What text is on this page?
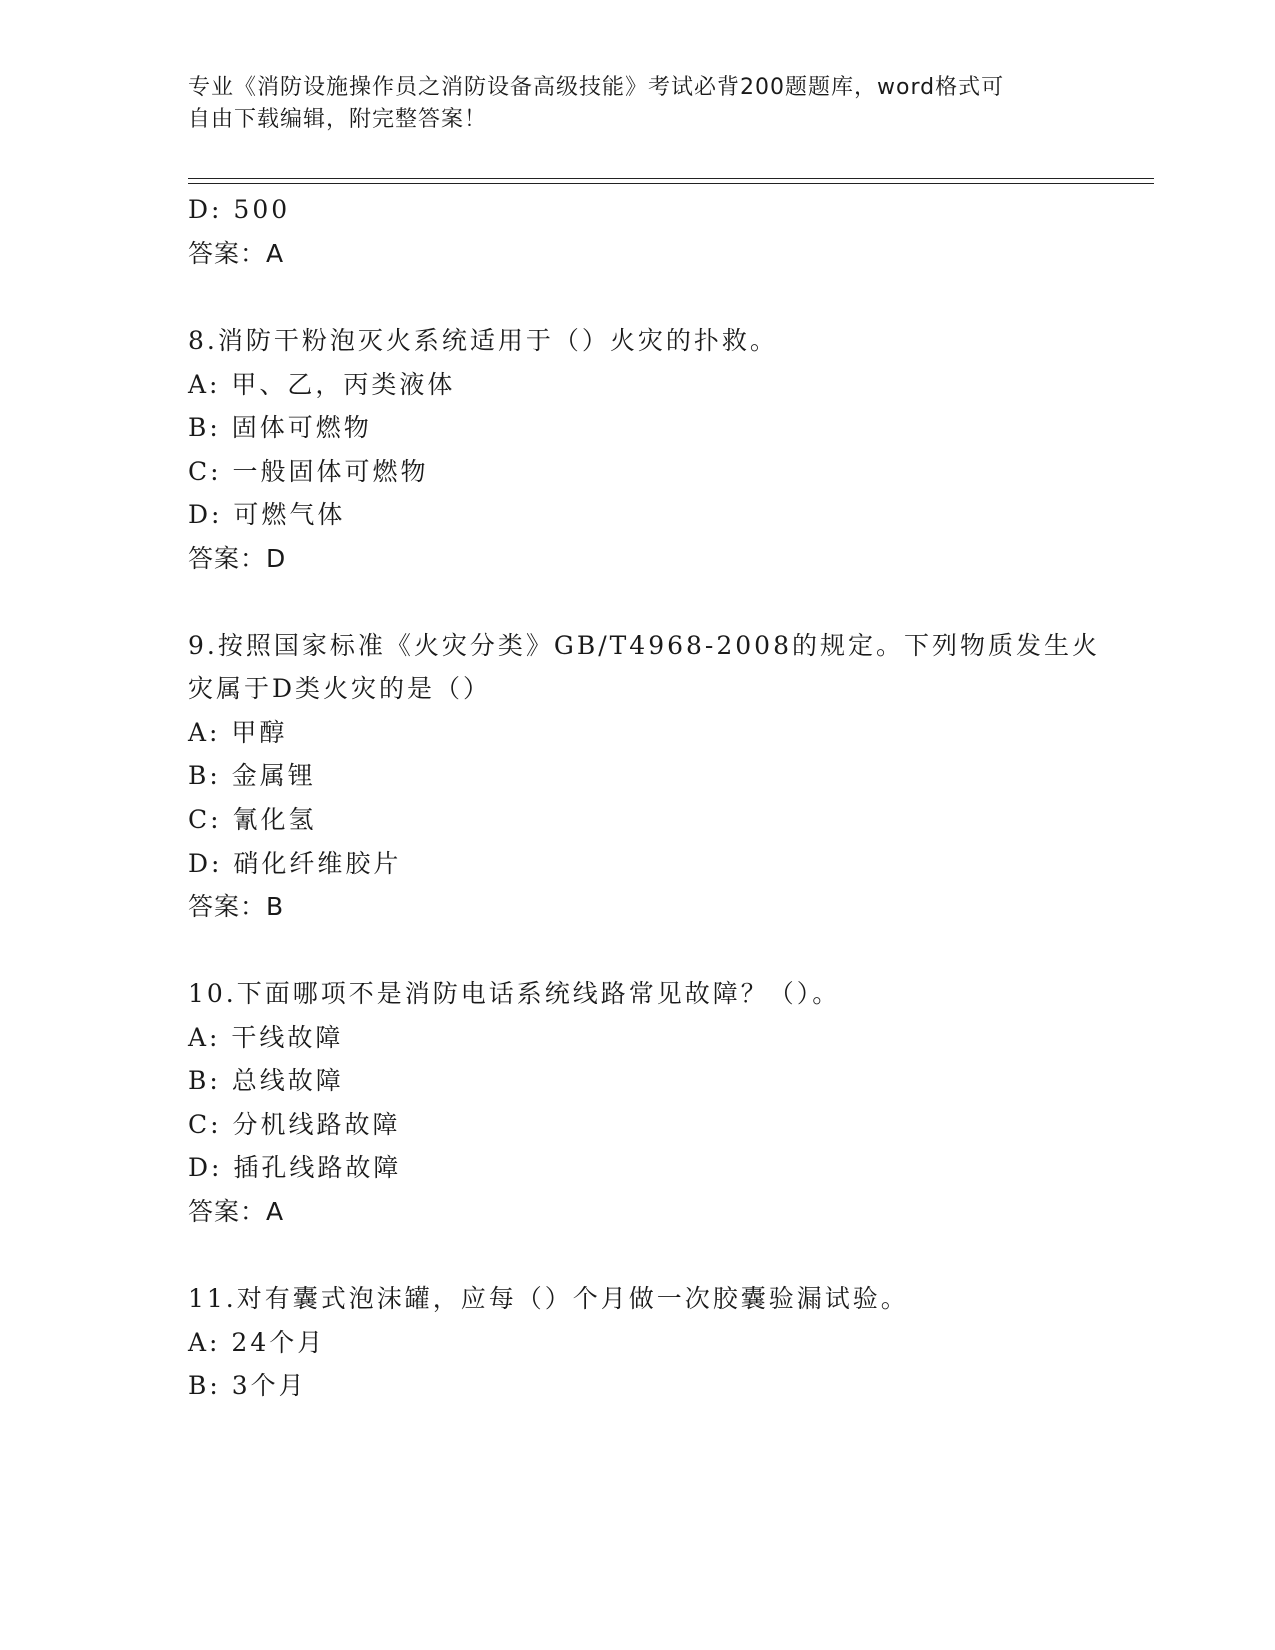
专业《消防设施操作员之消防设备高级技能》考试必背200题题库，word格式可
自由下载编辑，附完整答案！
D: 500
答案：A
8.消防干粉泡灭火系统适用于（）火灾的扑救。
A: 甲、乙，丙类液体
B: 固体可燃物
C: 一般固体可燃物
D: 可燃气体
答案：D
9.按照国家标准《火灾分类》GB/T4968-2008的规定。下列物质发生火
灾属于D类火灾的是（）
A: 甲醇
B: 金属锂
C: 氰化氢
D: 硝化纤维胶片
答案：B
10.下面哪项不是消防电话系统线路常见故障？（）。
A: 干线故障
B: 总线故障
C: 分机线路故障
D: 插孔线路故障
答案：A
11.对有囊式泡沫罐，应每（）个月做一次胶囊验漏试验。
A: 24个月
B: 3个月
